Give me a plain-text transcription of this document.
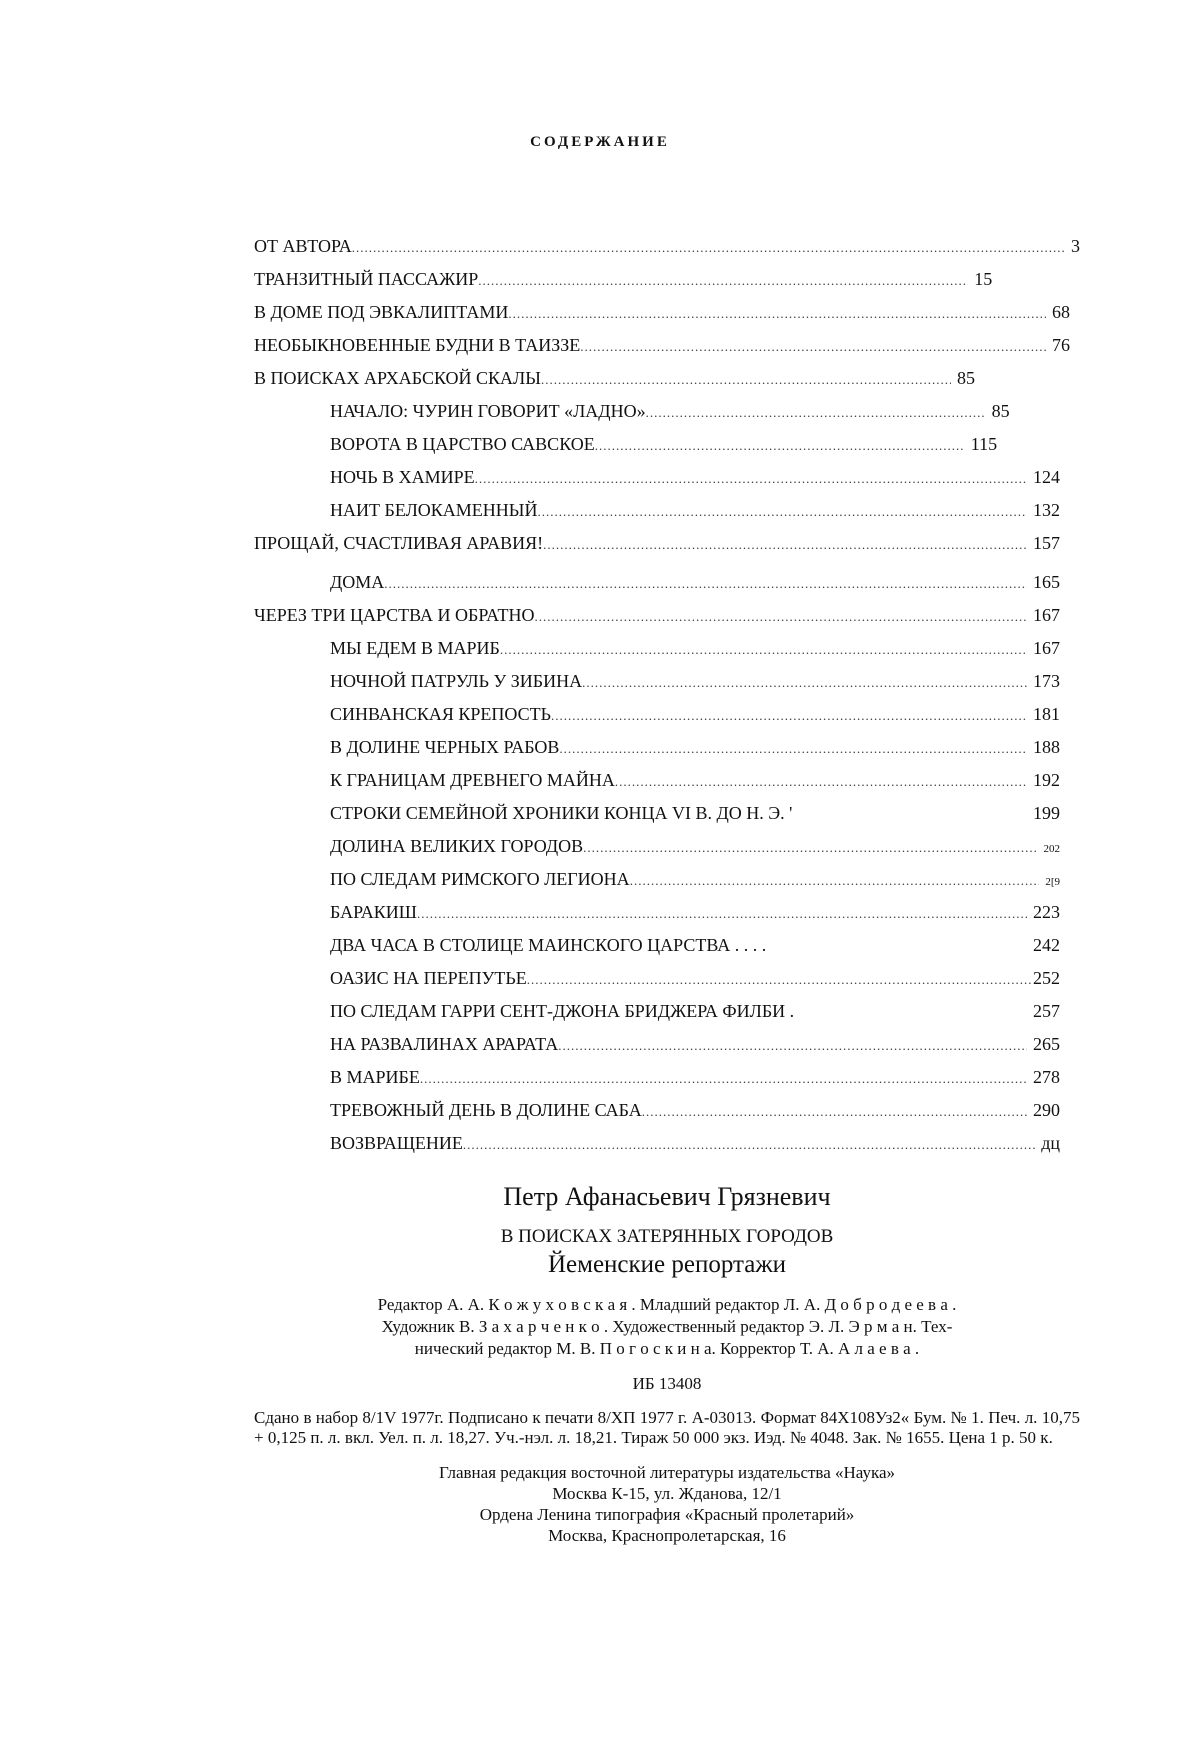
СОДЕРЖАНИЕ
ОТ АВТОРА .....	3
ТРАНЗИТНЫЙ ПАССАЖИР .....	15
В ДОМЕ ПОД ЭВКАЛИПТАМИ .....	68
НЕОБЫКНОВЕННЫЕ БУДНИ В ТАИЗЗЕ .....	76
В ПОИСКАХ АРХАБСКОЙ СКАЛЫ .....	85
НАЧАЛО: ЧУРИН ГОВОРИТ «ЛАДНО» .....	85
ВОРОТА В ЦАРСТВО САВСКОЕ .....	115
НОЧЬ В ХАМИРЕ .....	124
НАИТ БЕЛОКАМЕННЫЙ .....	132
ПРОЩАЙ, СЧАСТЛИВАЯ АРАВИЯ! .....	157
ДОМА .....	165
ЧЕРЕЗ ТРИ ЦАРСТВА И ОБРАТНО .....	167
МЫ ЕДЕМ В МАРИБ .....	167
НОЧНОЙ ПАТРУЛЬ У ЗИБИНА .....	173
СИНВАНСКАЯ КРЕПОСТЬ .....	181
В ДОЛИНЕ ЧЕРНЫХ РАБОВ .....	188
К ГРАНИЦАМ ДРЕВНЕГО МАЙНА .....	192
СТРОКИ СЕМЕЙНОЙ ХРОНИКИ КОНЦА VI В. ДО Н. Э. '	199
ДОЛИНА ВЕЛИКИХ ГОРОДОВ .....	202
ПО СЛЕДАМ РИМСКОГО ЛЕГИОНА .....	2[9
БАРАКИШ .....	223
ДВА ЧАСА В СТОЛИЦЕ МАИНСКОГО ЦАРСТВА . . . .	242
ОАЗИС НА ПЕРЕПУТЬЕ .....	252
ПО СЛЕДАМ ГАРРИ СЕНТ-ДЖОНА БРИДЖЕРА ФИЛБИ .	257
НА РАЗВАЛИНАХ АРАРАТА .....	265
В МАРИБЕ .....	278
ТРЕВОЖНЫЙ ДЕНЬ В ДОЛИНЕ САБА .....	290
ВОЗВРАЩЕНИЕ .....	дц
Петр Афанасьевич Грязневич
В ПОИСКАХ ЗАТЕРЯННЫХ ГОРОДОВ
Йеменские репортажи
Редактор А. А. К о ж у х о в с к а я . Младший редактор Л. А. Д о б р о д е е в а .
Художник В. З а х а р ч е н к о . Художественный редактор Э. Л. Э р м а н. Тех-
нический редактор М. В. П о г о с к и н а. Корректор Т. А. А л а е в а .
ИБ 13408
Сдано в набор 8/1V 1977г. Подписано к печати 8/ХП 1977 г. А-03013. Формат 84Х108Уз2« Бум. № 1. Печ. л. 10,75 + 0,125 п. л. вкл. Уел. п. л. 18,27. Уч.-нэл. л. 18,21. Тираж 50 000 экз. Иэд. № 4048. Зак. № 1655. Цена 1 р. 50 к.
Главная редакция восточной литературы издательства «Наука»
Москва К-15, ул. Жданова, 12/1
Ордена Ленина типография «Красный пролетарий»
Москва, Краснопролетарская, 16
